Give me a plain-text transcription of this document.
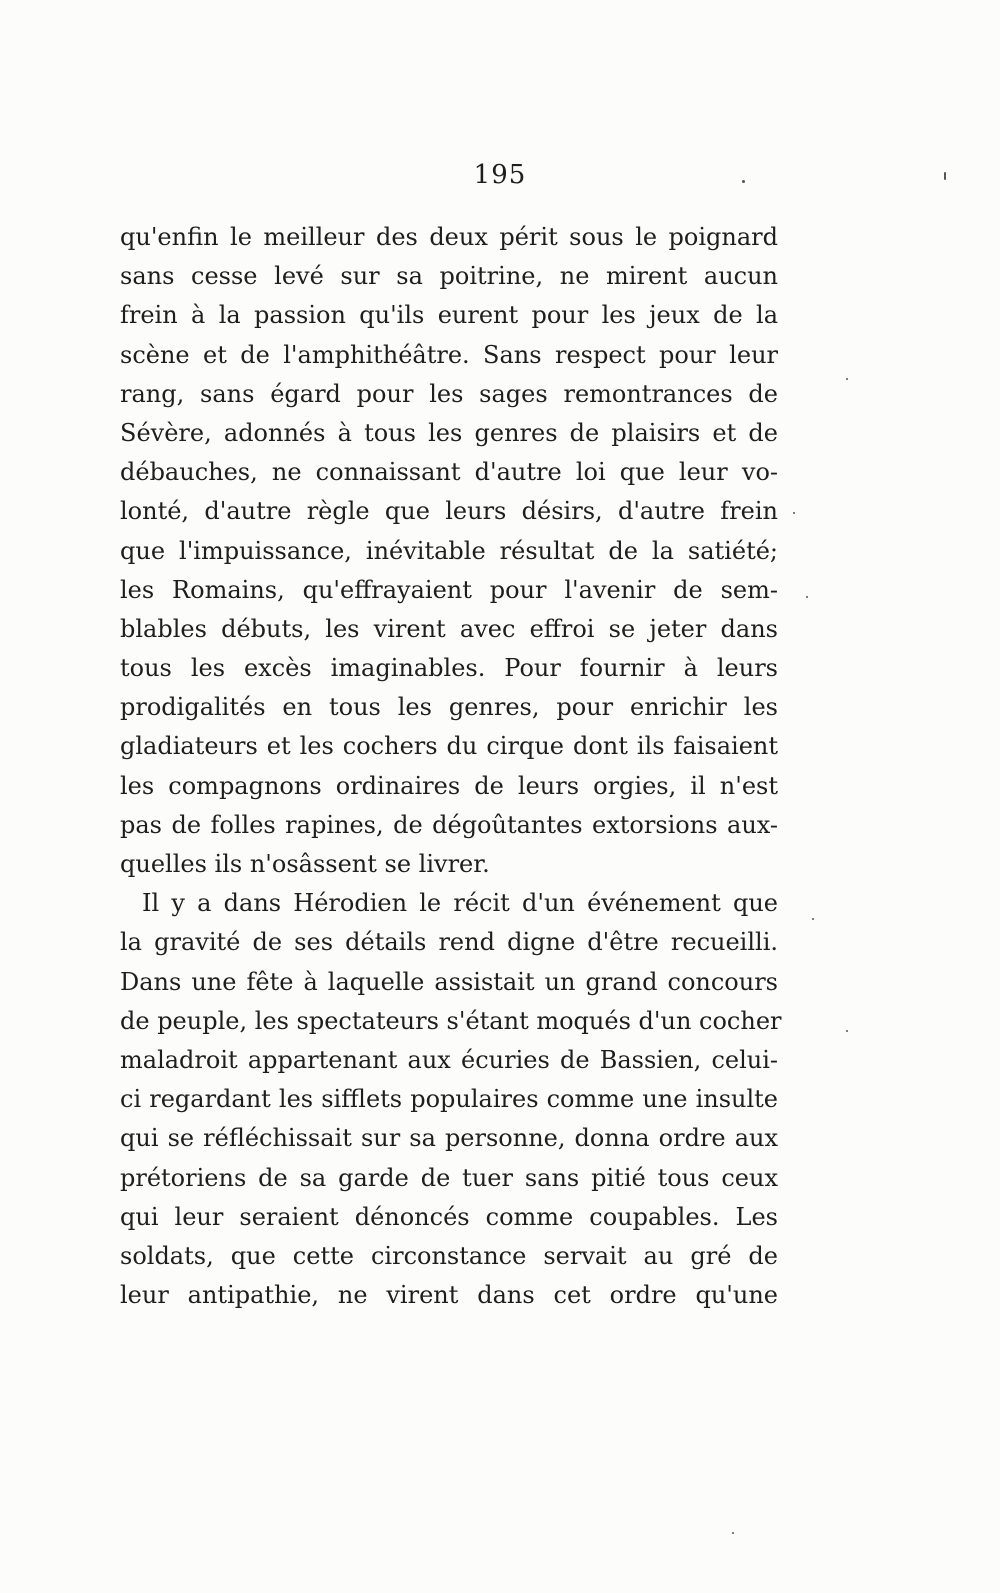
195
qu'enfin le meilleur des deux périt sous le poignard
sans cesse levé sur sa poitrine, ne mirent aucun
frein à la passion qu'ils eurent pour les jeux de la
scène et de l'amphithéâtre. Sans respect pour leur
rang, sans égard pour les sages remontrances de
Sévère, adonnés à tous les genres de plaisirs et de
débauches, ne connaissant d'autre loi que leur vo-
lonté, d'autre règle que leurs désirs, d'autre frein
que l'impuissance, inévitable résultat de la satiété;
les Romains, qu'effrayaient pour l'avenir de sem-
blables débuts, les virent avec effroi se jeter dans
tous les excès imaginables. Pour fournir à leurs
prodigalités en tous les genres, pour enrichir les
gladiateurs et les cochers du cirque dont ils faisaient
les compagnons ordinaires de leurs orgies, il n'est
pas de folles rapines, de dégoûtantes extorsions aux-
quelles ils n'osâssent se livrer.
Il y a dans Hérodien le récit d'un événement que
la gravité de ses détails rend digne d'être recueilli.
Dans une fête à laquelle assistait un grand concours
de peuple, les spectateurs s'étant moqués d'un cocher
maladroit appartenant aux écuries de Bassien, celui-
ci regardant les sifflets populaires comme une insulte
qui se réfléchissait sur sa personne, donna ordre aux
prétoriens de sa garde de tuer sans pitié tous ceux
qui leur seraient dénoncés comme coupables. Les
soldats, que cette circonstance servait au gré de
leur antipathie, ne virent dans cet ordre qu'une
